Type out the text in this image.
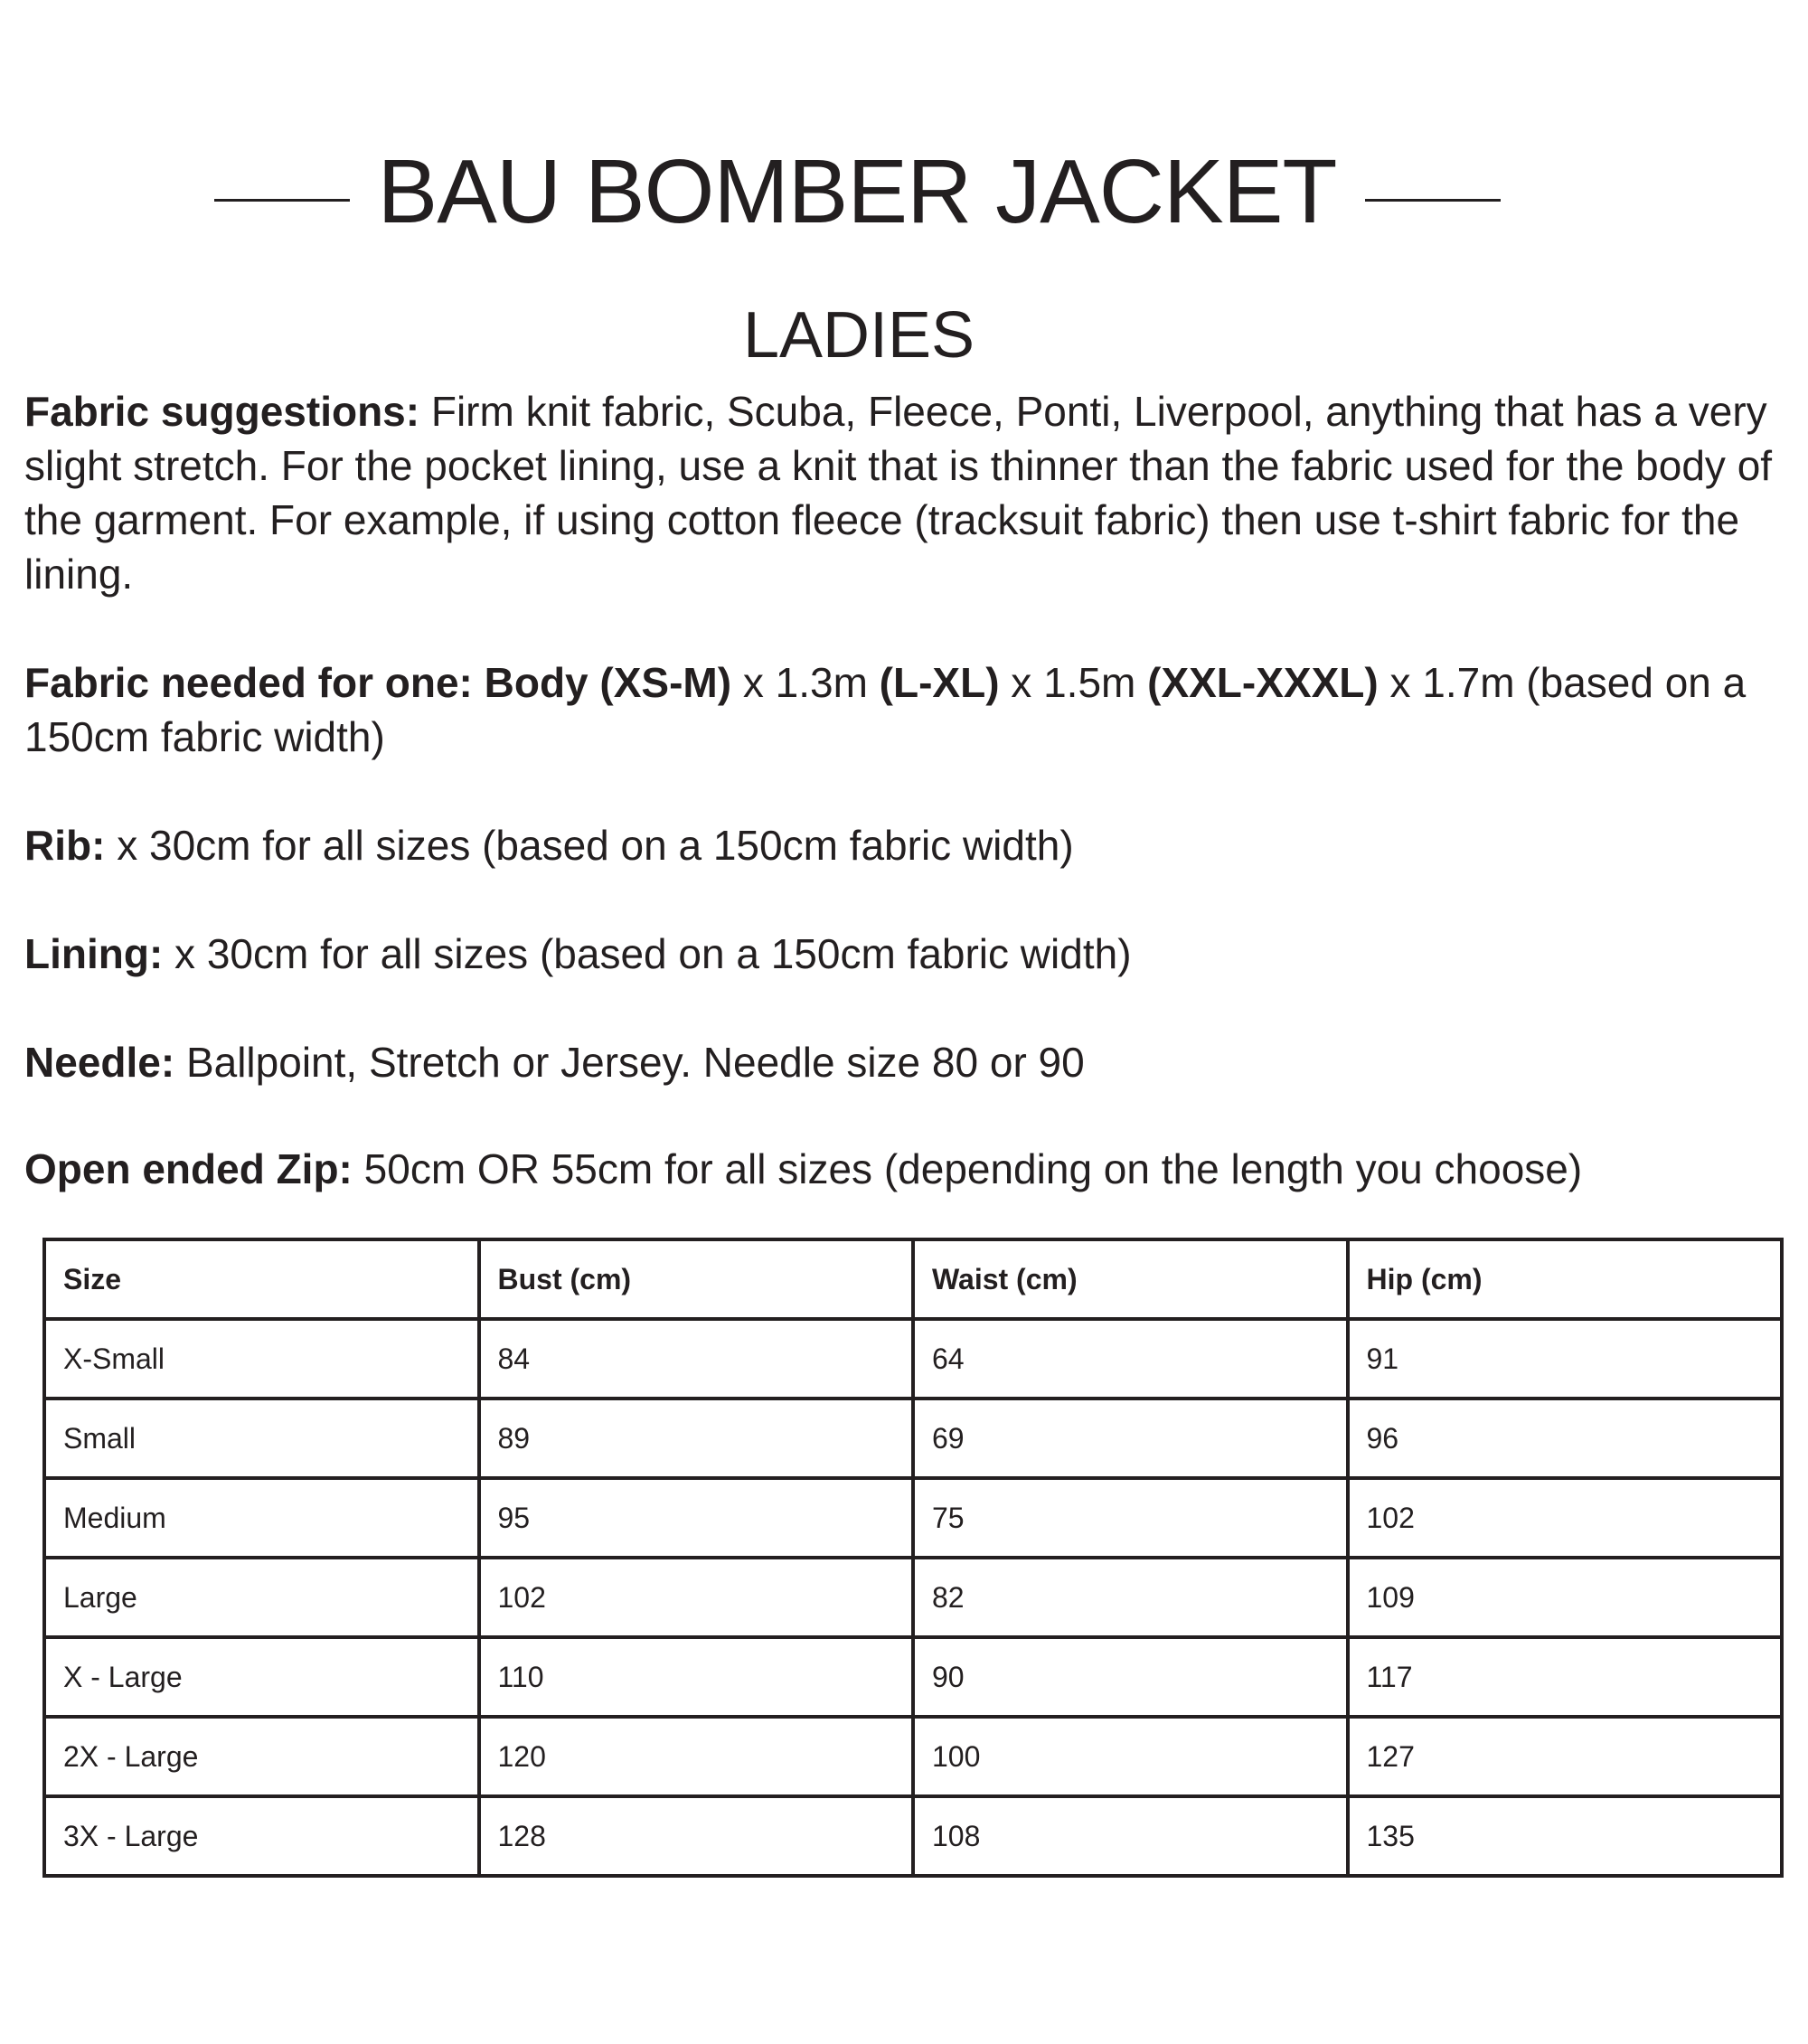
BAU BOMBER JACKET
LADIES
Fabric suggestions: Firm knit fabric, Scuba, Fleece, Ponti, Liverpool, anything that has a very slight stretch. For the pocket lining, use a knit that is thinner than the fabric used for the body of the garment. For example, if using cotton fleece (tracksuit fabric) then use t-shirt fabric for the lining.
Fabric needed for one: Body (XS-M) x 1.3m (L-XL) x 1.5m (XXL-XXXL) x 1.7m (based on a 150cm fabric width)
Rib: x 30cm for all sizes (based on a 150cm fabric width)
Lining: x 30cm for all sizes (based on a 150cm fabric width)
Needle: Ballpoint, Stretch or Jersey. Needle size 80 or 90
Open ended Zip: 50cm OR 55cm for all sizes (depending on the length you choose)
Size	Bust (cm)	Waist (cm)	Hip (cm)
X-Small	84	64	91
Small	89	69	96
Medium	95	75	102
Large	102	82	109
X - Large	110	90	117
2X - Large	120	100	127
3X - Large	128	108	135
